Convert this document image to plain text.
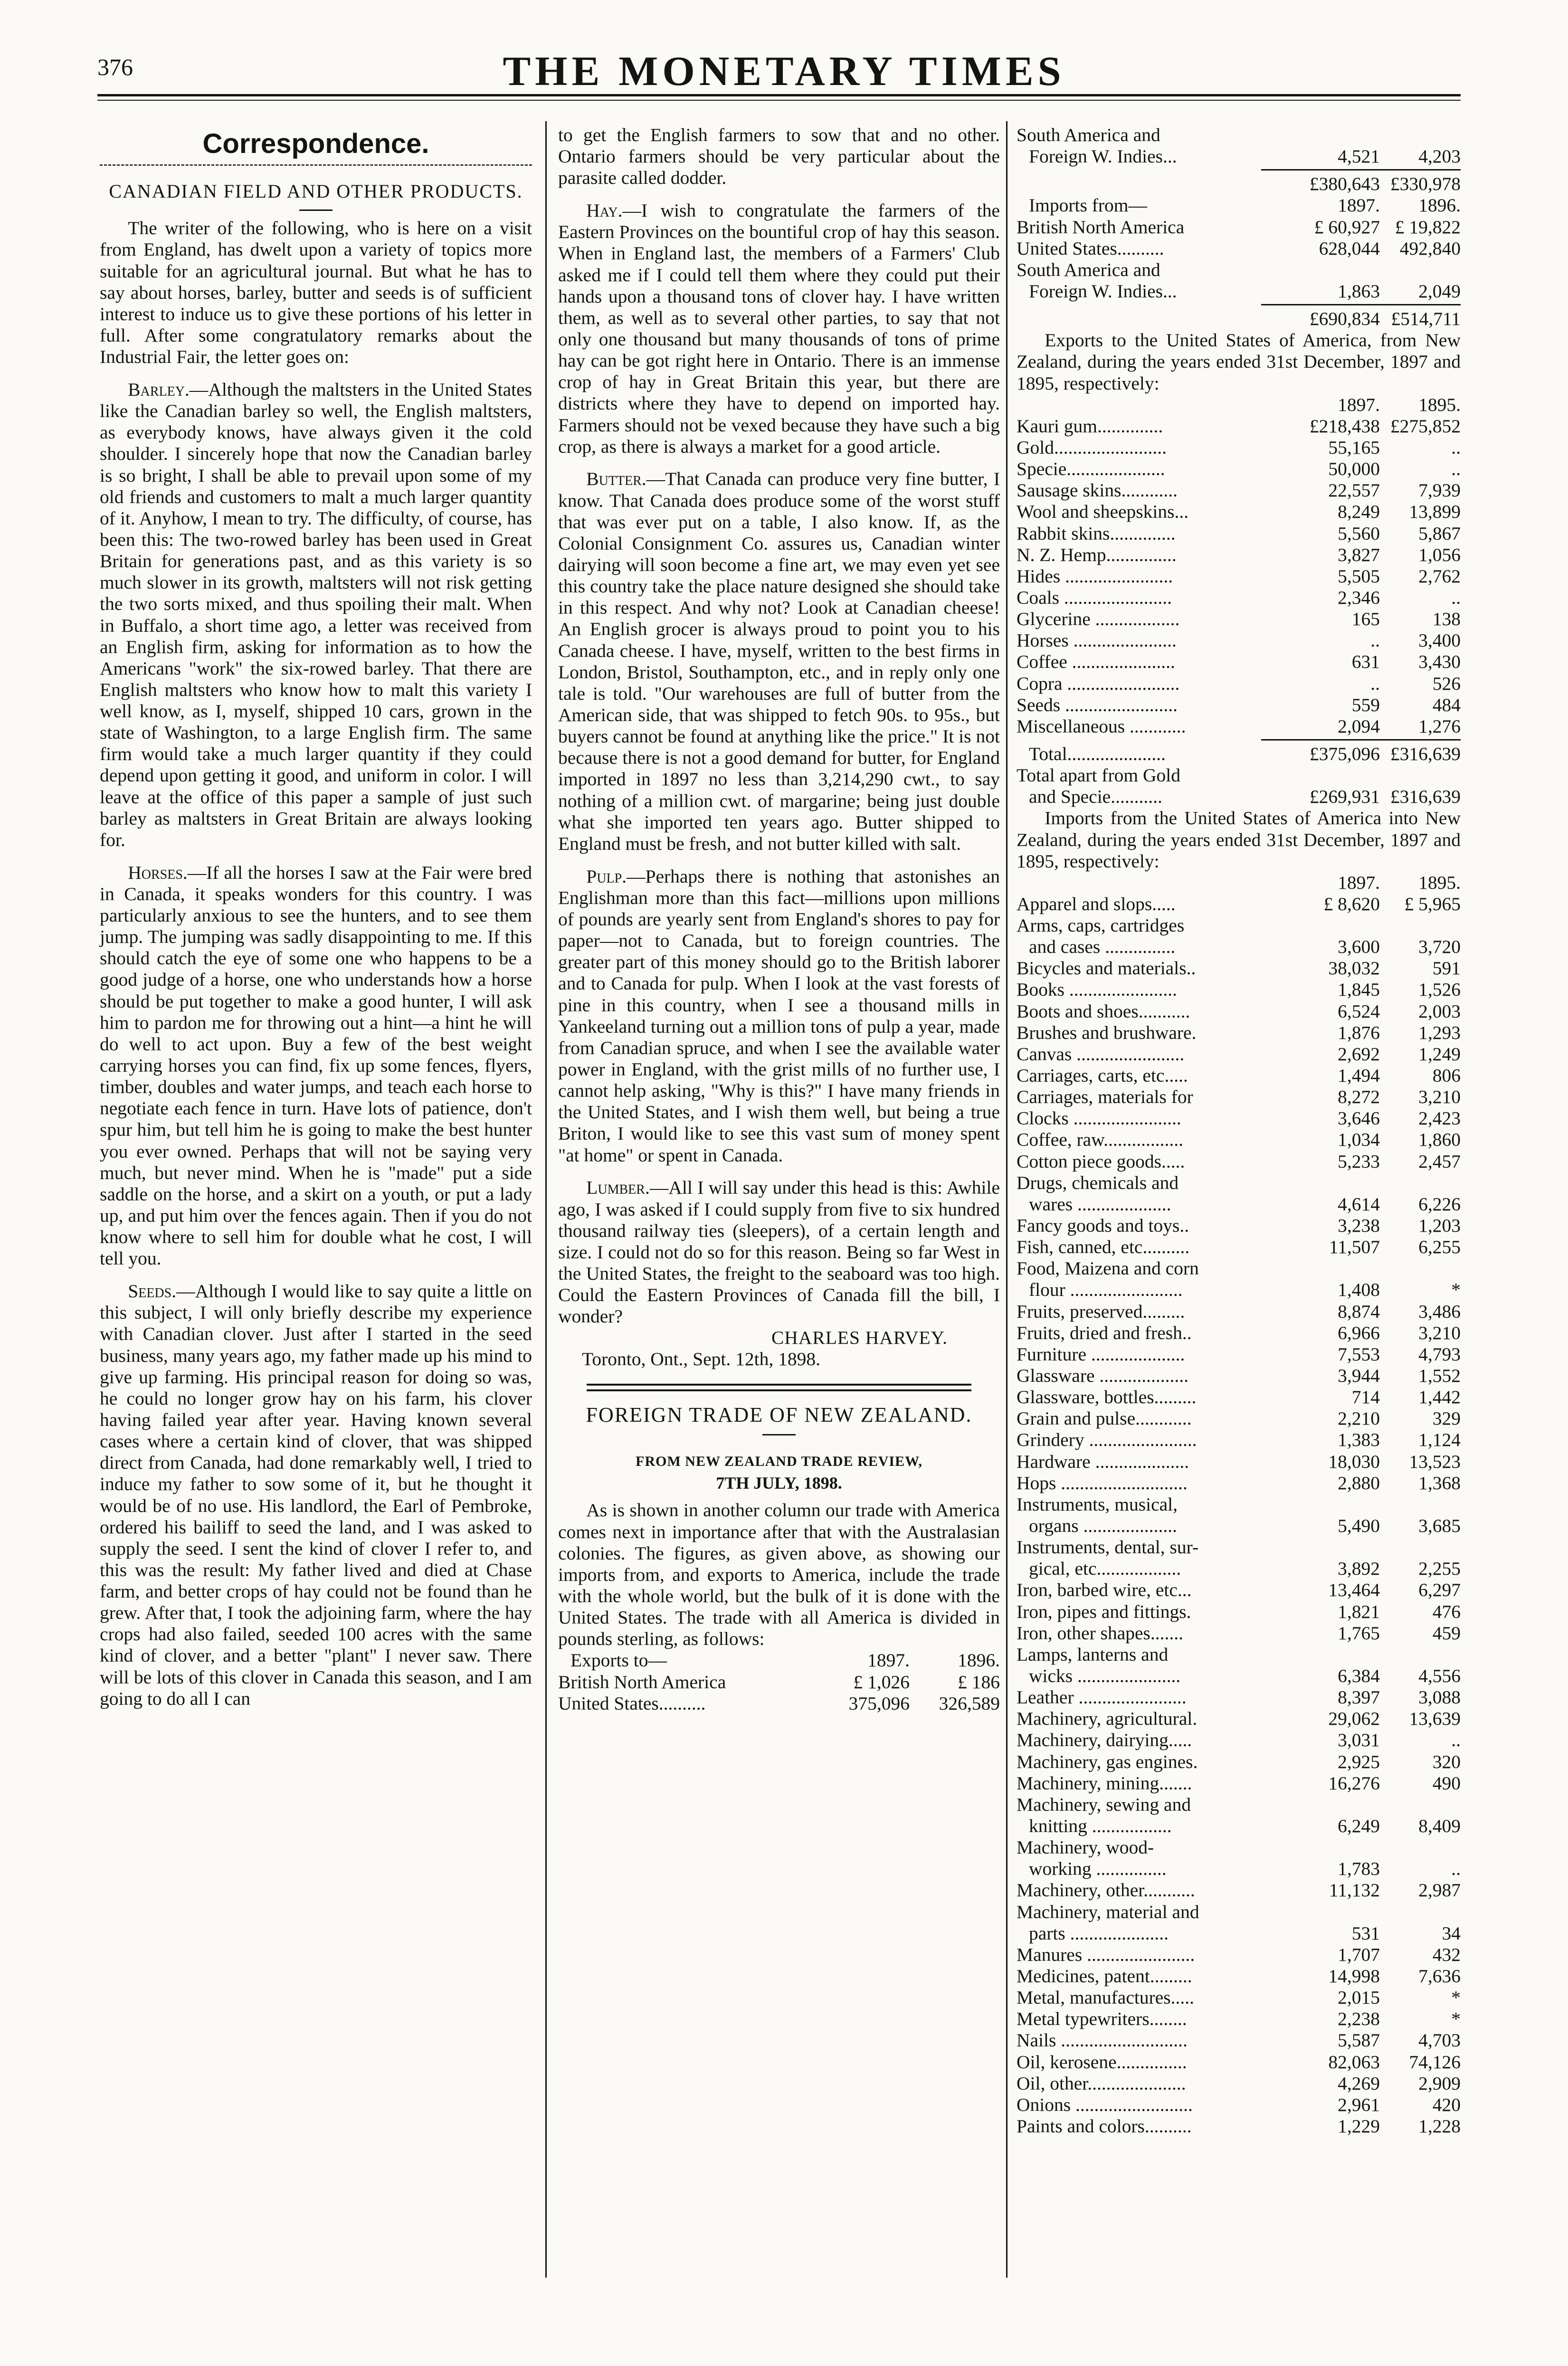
376	THE MONETARY TIMES
Correspondence.
CANADIAN FIELD AND OTHER PRODUCTS.

The writer of the following, who is here on a visit from England, has dwelt upon a variety of topics more suitable for an agricultural journal. But what he has to say about horses, barley, butter and seeds is of sufficient interest to induce us to give these portions of his letter in full. After some congratulatory remarks about the Industrial Fair, the letter goes on:

Barley.—Although the maltsters in the United States like the Canadian barley so well, the English maltsters, as everybody knows, have always given it the cold shoulder. I sincerely hope that now the Canadian barley is so bright, I shall be able to prevail upon some of my old friends and customers to malt a much larger quantity of it. Anyhow, I mean to try. The difficulty, of course, has been this: The two-rowed barley has been used in Great Britain for generations past, and as this variety is so much slower in its growth, maltsters will not risk getting the two sorts mixed, and thus spoiling their malt. When in Buffalo, a short time ago, a letter was received from an English firm, asking for information as to how the Americans "work" the six-rowed barley. That there are English maltsters who know how to malt this variety I well know, as I, myself, shipped 10 cars, grown in the state of Washington, to a large English firm. The same firm would take a much larger quantity if they could depend upon getting it good, and uniform in color. I will leave at the office of this paper a sample of just such barley as maltsters in Great Britain are always looking for.

Horses.—If all the horses I saw at the Fair were bred in Canada, it speaks wonders for this country. I was particularly anxious to see the hunters, and to see them jump. The jumping was sadly disappointing to me. If this should catch the eye of some one who happens to be a good judge of a horse, one who understands how a horse should be put together to make a good hunter, I will ask him to pardon me for throwing out a hint—a hint he will do well to act upon. Buy a few of the best weight carrying horses you can find, fix up some fences, flyers, timber, doubles and water jumps, and teach each horse to negotiate each fence in turn. Have lots of patience, don't spur him, but tell him he is going to make the best hunter you ever owned. Perhaps that will not be saying very much, but never mind. When he is "made" put a side saddle on the horse, and a skirt on a youth, or put a lady up, and put him over the fences again. Then if you do not know where to sell him for double what he cost, I will tell you.

Seeds.—Although I would like to say quite a little on this subject, I will only briefly describe my experience with Canadian clover. Just after I started in the seed business, many years ago, my father made up his mind to give up farming. His principal reason for doing so was, he could no longer grow hay on his farm, his clover having failed year after year. Having known several cases where a certain kind of clover, that was shipped direct from Canada, had done remarkably well, I tried to induce my father to sow some of it, but he thought it would be of no use. His landlord, the Earl of Pembroke, ordered his bailiff to seed the land, and I was asked to supply the seed. I sent the kind of clover I refer to, and this was the result: My father lived and died at Chase farm, and better crops of hay could not be found than he grew. After that, I took the adjoining farm, where the hay crops had also failed, seeded 100 acres with the same kind of clover, and a better "plant" I never saw. There will be lots of this clover in Canada this season, and I am going to do all I can

to get the English farmers to sow that and no other. Ontario farmers should be very particular about the parasite called dodder.

Hay.—I wish to congratulate the farmers of the Eastern Provinces on the bountiful crop of hay this season. When in England last, the members of a Farmers' Club asked me if I could tell them where they could put their hands upon a thousand tons of clover hay. I have written them, as well as to several other parties, to say that not only one thousand but many thousands of tons of prime hay can be got right here in Ontario. There is an immense crop of hay in Great Britain this year, but there are districts where they have to depend on imported hay. Farmers should not be vexed because they have such a big crop, as there is always a market for a good article.

Butter.—That Canada can produce very fine butter, I know. That Canada does produce some of the worst stuff that was ever put on a table, I also know. If, as the Colonial Consignment Co. assures us, Canadian winter dairying will soon become a fine art, we may even yet see this country take the place nature designed she should take in this respect. And why not? Look at Canadian cheese! An English grocer is always proud to point you to his Canada cheese. I have, myself, written to the best firms in London, Bristol, Southampton, etc., and in reply only one tale is told. "Our warehouses are full of butter from the American side, that was shipped to fetch 90s. to 95s., but buyers cannot be found at anything like the price." It is not because there is not a good demand for butter, for England imported in 1897 no less than 3,214,290 cwt., to say nothing of a million cwt. of margarine; being just double what she imported ten years ago. Butter shipped to England must be fresh, and not butter killed with salt.

Pulp.—Perhaps there is nothing that astonishes an Englishman more than this fact—millions upon millions of pounds are yearly sent from England's shores to pay for paper—not to Canada, but to foreign countries. The greater part of this money should go to the British laborer and to Canada for pulp. When I look at the vast forests of pine in this country, when I see a thousand mills in Yankeeland turning out a million tons of pulp a year, made from Canadian spruce, and when I see the available water power in England, with the grist mills of no further use, I cannot help asking, "Why is this?" I have many friends in the United States, and I wish them well, but being a true Briton, I would like to see this vast sum of money spent "at home" or spent in Canada.

Lumber.—All I will say under this head is this: Awhile ago, I was asked if I could supply from five to six hundred thousand railway ties (sleepers), of a certain length and size. I could not do so for this reason. Being so far West in the United States, the freight to the seaboard was too high. Could the Eastern Provinces of Canada fill the bill, I wonder?

CHARLES HARVEY.
Toronto, Ont., Sept. 12th, 1898.
FOREIGN TRADE OF NEW ZEALAND.
FROM NEW ZEALAND TRADE REVIEW,
7TH JULY, 1898.

As is shown in another column our trade with America comes next in importance after that with the Australasian colonies. The figures, as given above, as showing our imports from, and exports to America, include the trade with the whole world, but the bulk of it is done with the United States. The trade with all America is divided in pounds sterling, as follows:

Exports to—	1897.	1896.
British North America	£ 1,026	£ 186
United States..........	375,096	326,589
South America and
Foreign W. Indies...	4,521	4,203
£380,643 £330,978
Imports from—	1897.	1896.
British North America	£ 60,927 £ 19,822
United States..........	628,044	492,840
South America and
Foreign W. Indies...	1,863	2,049
£690,834 £514,711

Exports to the United States of America, from New Zealand, during the years ended 31st December, 1897 and 1895, respectively:

1897.	1895.
Kauri gum..............	£218,438 £275,852
Gold........................	55,165	..
Specie.....................	50,000	..
Sausage skins............	22,557	7,939
Wool and sheepskins...	8,249	13,899
Rabbit skins..............	5,560	5,867
N. Z. Hemp...............	3,827	1,056
Hides .......................	5,505	2,762
Coals .......................	2,346	..
Glycerine ..................	165	138
Horses ......................	..	3,400
Coffee ......................	631	3,430
Copra ........................	..	526
Seeds ........................	559	484
Miscellaneous ............	2,094	1,276
Total.....................	£375,096 £316,639
Total apart from Gold
and Specie...........	£269,931 £316,639

Imports from the United States of America into New Zealand, during the years ended 31st December, 1897 and 1895, respectively:

1897.	1895.
Apparel and slops.....	£ 8,620	£ 5,965
Arms, caps, cartridges
and cases ...............	3,600	3,720
Bicycles and materials..	38,032	591
Books .......................	1,845	1,526
Boots and shoes...........	6,524	2,003
Brushes and brushware.	1,876	1,293
Canvas .......................	2,692	1,249
Carriages, carts, etc.....	1,494	806
Carriages, materials for	8,272	3,210
Clocks .......................	3,646	2,423
Coffee, raw.................	1,034	1,860
Cotton piece goods.....	5,233	2,457
Drugs, chemicals and
wares ....................	4,614	6,226
Fancy goods and toys..	3,238	1,203
Fish, canned, etc..........	11,507	6,255
Food, Maizena and corn
flour ........................	1,408	*
Fruits, preserved.........	8,874	3,486
Fruits, dried and fresh..	6,966	3,210
Furniture ....................	7,553	4,793
Glassware ...................	3,944	1,552
Glassware, bottles.........	714	1,442
Grain and pulse............	2,210	329
Grindery .......................	1,383	1,124
Hardware ....................	18,030	13,523
Hops ...........................	2,880	1,368
Instruments, musical,
organs ....................	5,490	3,685
Instruments, dental, sur-
gical, etc..................	3,892	2,255
Iron, barbed wire, etc...	13,464	6,297
Iron, pipes and fittings.	1,821	476
Iron, other shapes.......	1,765	459
Lamps, lanterns and
wicks ......................	6,384	4,556
Leather .......................	8,397	3,088
Machinery, agricultural.	29,062	13,639
Machinery, dairying.....	3,031	..
Machinery, gas engines.	2,925	320
Machinery, mining.......	16,276	490
Machinery, sewing and
knitting .................	6,249	8,409
Machinery, wood-
working ...............	1,783	..
Machinery, other...........	11,132	2,987
Machinery, material and
parts .....................	531	34
Manures .......................	1,707	432
Medicines, patent.........	14,998	7,636
Metal, manufactures.....	2,015	*
Metal typewriters........	2,238	*
Nails ...........................	5,587	4,703
Oil, kerosene...............	82,063	74,126
Oil, other.....................	4,269	2,909
Onions .........................	2,961	420
Paints and colors..........	1,229	1,228
